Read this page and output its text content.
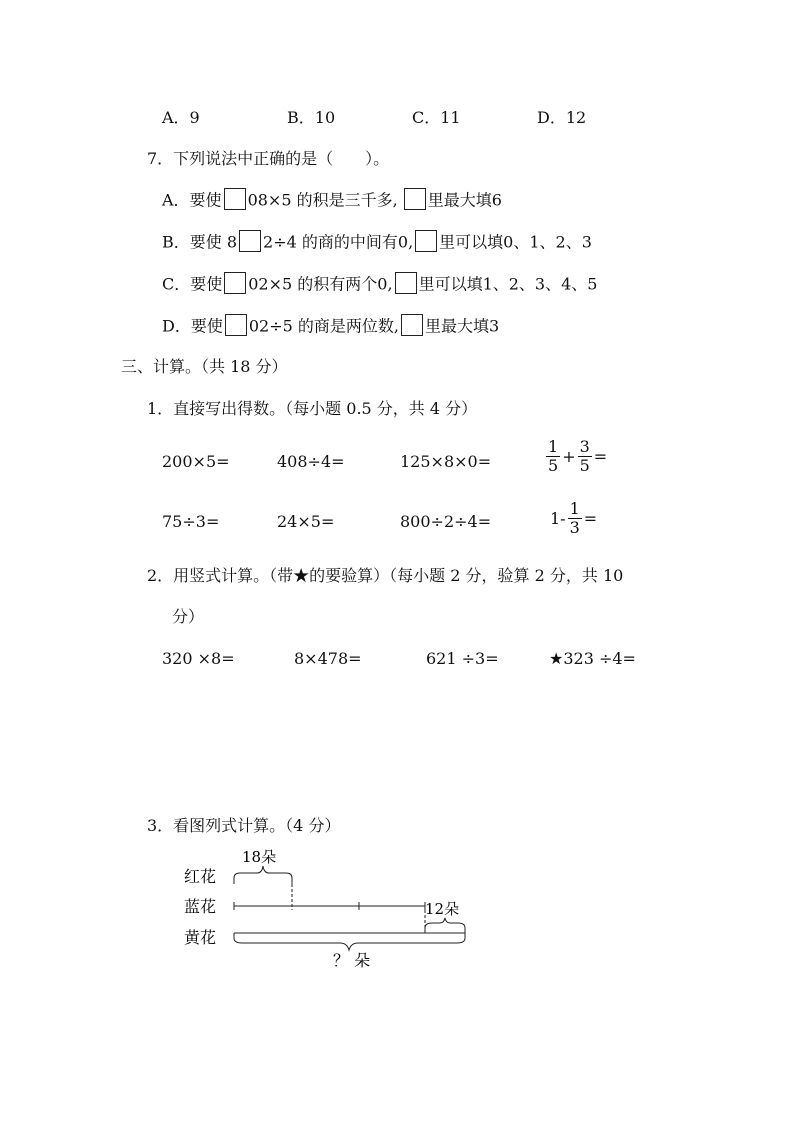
A．9	B．10	C．11	D．12
7．下列说法中正确的是（　　）。
A．要使 08×5 的积是三千多, 里最大填6
B．要使 8 2÷4 的商的中间有0, 里可以填0、1、2、3
C．要使 02×5 的积有两个0, 里可以填1、2、3、4、5
D．要使 02÷5 的商是两位数, 里最大填3
三、计算。（共 18 分）
1．直接写出得数。（每小题 0.5 分，共 4 分）
200×5=	408÷4=	125×8×0=	$\frac{1}{5} + \frac{3}{5}$ =
75÷3=	24×5=	800÷2÷4=	$1- \frac{1}{3}$ =
2．用竖式计算。（带★的要验算）（每小题 2 分，验算 2 分，共 10
分）
320 ×8=	8×478=	621 ÷3=	★323 ÷4=
3．看图列式计算。（4 分）
红花
蓝花
黄花
18朵
12朵
？ 朵
